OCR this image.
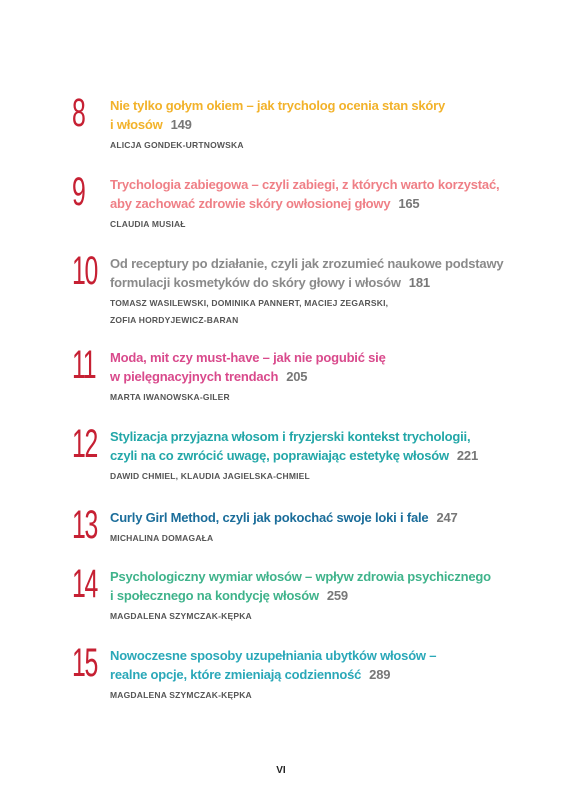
8	Nie tylko gołym okiem – jak trycholog ocenia stan skóry
i włosów 149
ALICJA GONDEK-URTNOWSKA
9	Trychologia zabiegowa – czyli zabiegi, z których warto korzystać,
aby zachować zdrowie skóry owłosionej głowy 165
CLAUDIA MUSIAŁ
10 Od receptury po działanie, czyli jak zrozumieć naukowe podstawy
formulacji kosmetyków do skóry głowy i włosów 181
TOMASZ WASILEWSKI, DOMINIKA PANNERT, MACIEJ ZEGARSKI,
ZOFIA HORDYJEWICZ-BARAN
11 Moda, mit czy must-have – jak nie pogubić się
w pielęgnacyjnych trendach 205
MARTA IWANOWSKA-GILER
12 Stylizacja przyjazna włosom i fryzjerski kontekst trychologii,
czyli na co zwrócić uwagę, poprawiając estetykę włosów 221
DAWID CHMIEL, KLAUDIA JAGIELSKA-CHMIEL
13 Curly Girl Method, czyli jak pokochać swoje loki i fale 247
MICHALINA DOMAGAŁA
14 Psychologiczny wymiar włosów – wpływ zdrowia psychicznego
i społecznego na kondycję włosów 259
MAGDALENA SZYMCZAK-KĘPKA
15 Nowoczesne sposoby uzupełniania ubytków włosów –
realne opcje, które zmieniają codzienność 289
MAGDALENA SZYMCZAK-KĘPKA
VI
